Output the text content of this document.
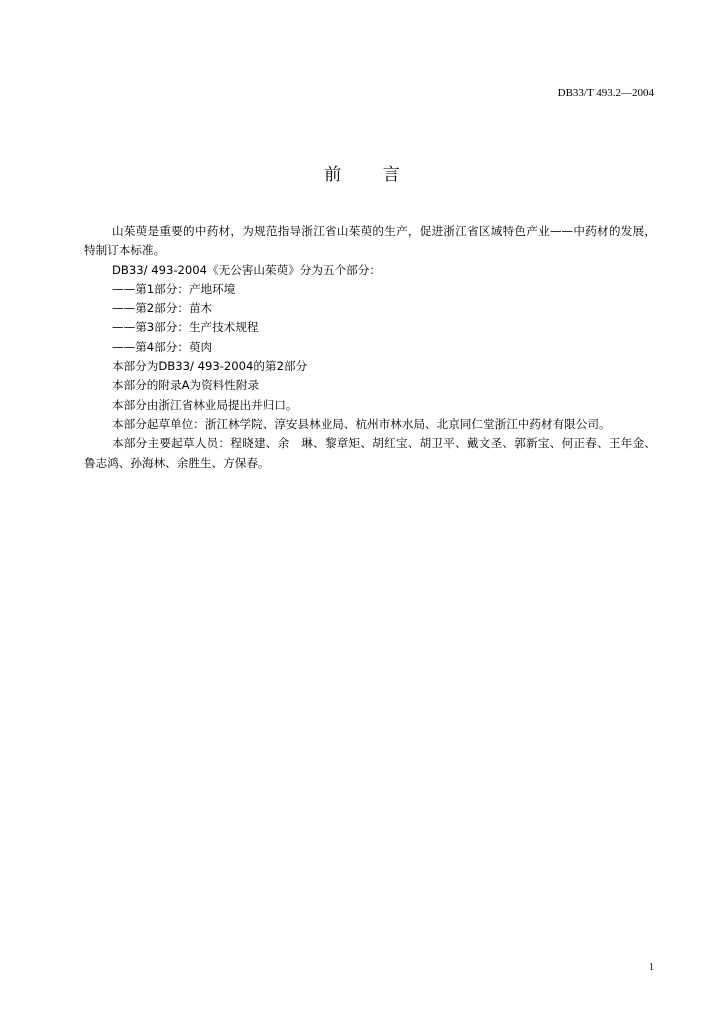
DB33/T 493.2—2004
前 言

山茱萸是重要的中药材，为规范指导浙江省山茱萸的生产，促进浙江省区域特色产业——中药材的发展，特制订本标准。

DB33/ 493-2004《无公害山茱萸》分为五个部分：

——第1部分：产地环境

——第2部分：苗木

——第3部分：生产技术规程

——第4部分：萸肉

本部分为DB33/ 493-2004的第2部分

本部分的附录A为资料性附录

本部分由浙江省林业局提出并归口。

本部分起草单位：浙江林学院、淳安县林业局、杭州市林水局、北京同仁堂浙江中药材有限公司。

本部分主要起草人员：程晓建、余　琳、黎章矩、胡红宝、胡卫平、戴文圣、郭新宝、何正春、王年金、鲁志鸿、孙海林、余胜生、方保春。

1
